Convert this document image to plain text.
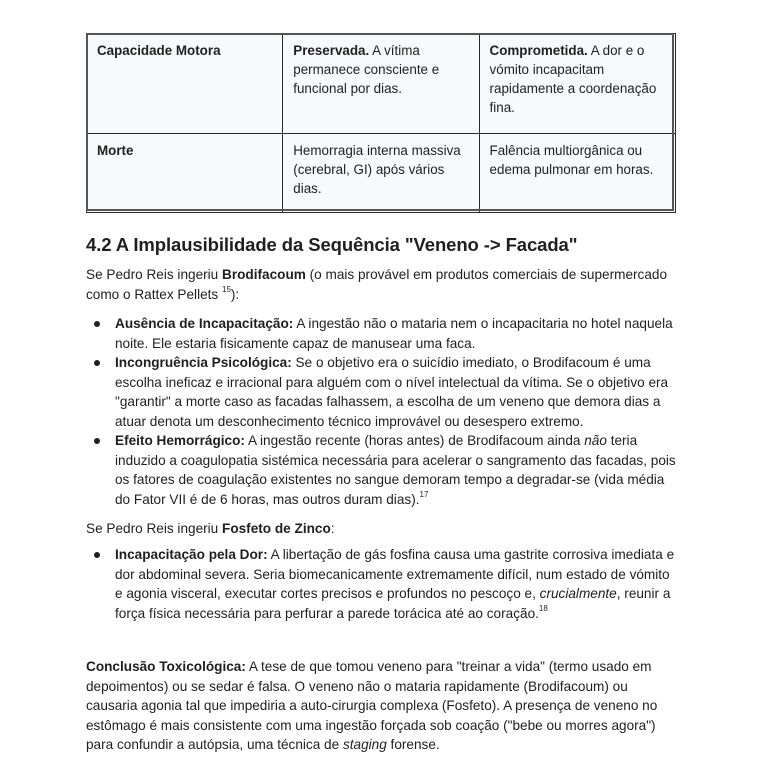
Capacidade Motora	Preservada. A vítima permanece consciente e funcional por dias.	Comprometida. A dor e o vómito incapacitam rapidamente a coordenação fina.
Morte	Hemorragia interna massiva (cerebral, GI) após vários dias.	Falência multiorgânica ou edema pulmonar em horas.
4.2 A Implausibilidade da Sequência "Veneno -> Facada"

Se Pedro Reis ingeriu Brodifacoum (o mais provável em produtos comerciais de supermercado como o Rattex Pellets $^{15}$):

Ausência de Incapacitação: A ingestão não o mataria nem o incapacitaria no hotel naquela noite. Ele estaria fisicamente capaz de manusear uma faca.
Incongruência Psicológica: Se o objetivo era o suicídio imediato, o Brodifacoum é uma escolha ineficaz e irracional para alguém com o nível intelectual da vítima. Se o objetivo era "garantir" a morte caso as facadas falhassem, a escolha de um veneno que demora dias a atuar denota um desconhecimento técnico improvável ou desespero extremo.
Efeito Hemorrágico: A ingestão recente (horas antes) de Brodifacoum ainda não teria induzido a coagulopatia sistémica necessária para acelerar o sangramento das facadas, pois os fatores de coagulação existentes no sangue demoram tempo a degradar-se (vida média do Fator VII é de 6 horas, mas outros duram dias).$^{17}$

Se Pedro Reis ingeriu Fosfeto de Zinco:

Incapacitação pela Dor: A libertação de gás fosfina causa uma gastrite corrosiva imediata e dor abdominal severa. Seria biomecanicamente extremamente difícil, num estado de vómito e agonia visceral, executar cortes precisos e profundos no pescoço e, crucialmente, reunir a força física necessária para perfurar a parede torácica até ao coração.$^{18}$

Conclusão Toxicológica: A tese de que tomou veneno para "treinar a vida" (termo usado em depoimentos) ou se sedar é falsa. O veneno não o mataria rapidamente (Brodifacoum) ou causaria agonia tal que impediria a auto-cirurgia complexa (Fosfeto). A presença de veneno no estômago é mais consistente com uma ingestão forçada sob coação ("bebe ou morres agora") para confundir a autópsia, uma técnica de staging forense.
